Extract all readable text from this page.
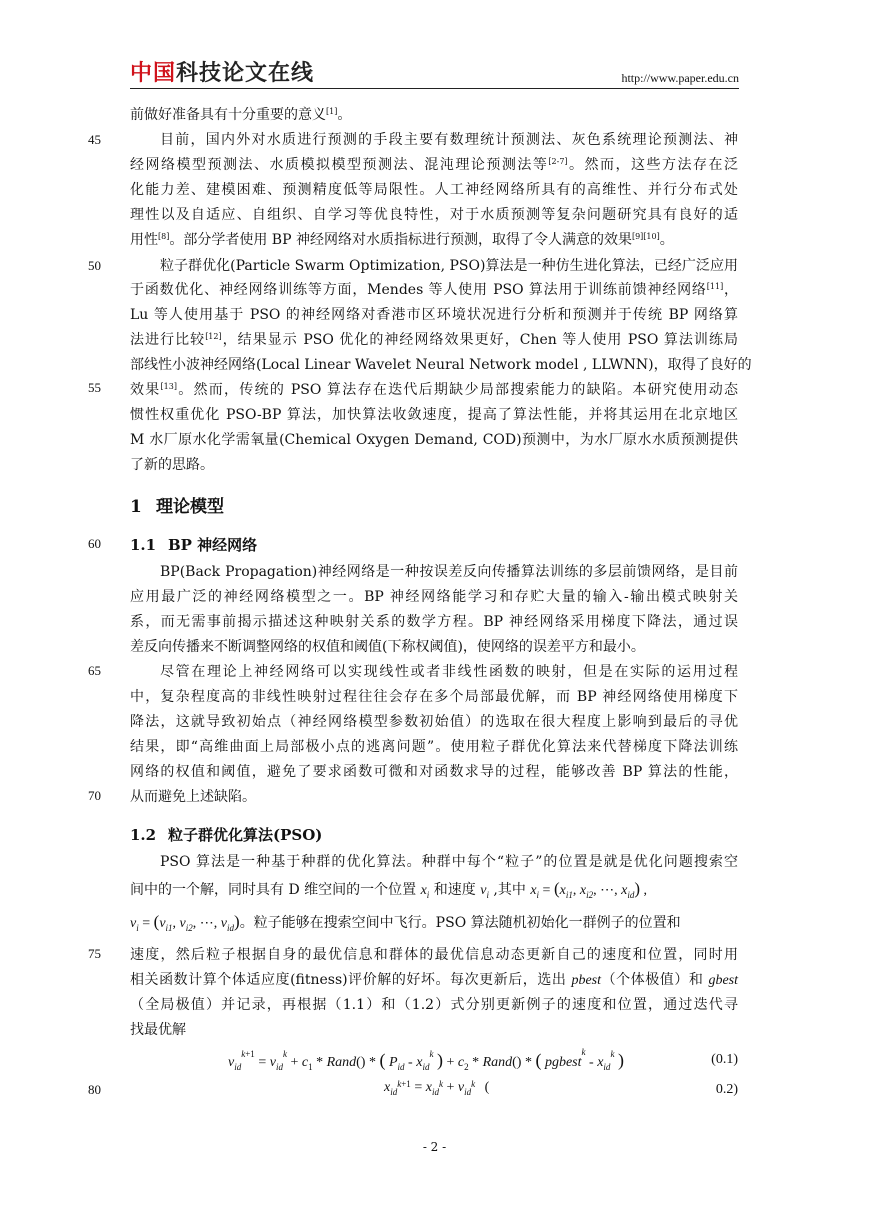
中国科技论文在线	http://www.paper.edu.cn
45
50
55
60
65
70
75
80
前做好准备具有十分重要的意义[1]。
目前，国内外对水质进行预测的手段主要有数理统计预测法、灰色系统理论预测法、神
经网络模型预测法、水质模拟模型预测法、混沌理论预测法等[2-7]。然而，这些方法存在泛
化能力差、建模困难、预测精度低等局限性。人工神经网络所具有的高维性、并行分布式处
理性以及自适应、自组织、自学习等优良特性，对于水质预测等复杂问题研究具有良好的适
用性[8]。部分学者使用 BP 神经网络对水质指标进行预测，取得了令人满意的效果[9][10]。
粒子群优化(Particle Swarm Optimization, PSO)算法是一种仿生进化算法，已经广泛应用
于函数优化、神经网络训练等方面，Mendes 等人使用 PSO 算法用于训练前馈神经网络[11]，
Lu 等人使用基于 PSO 的神经网络对香港市区环境状况进行分析和预测并于传统 BP 网络算
法进行比较[12]，结果显示 PSO 优化的神经网络效果更好，Chen 等人使用 PSO 算法训练局
部线性小波神经网络(Local Linear Wavelet Neural Network model , LLWNN)，取得了良好的
效果[13]。然而，传统的 PSO 算法存在迭代后期缺少局部搜索能力的缺陷。本研究使用动态
惯性权重优化 PSO-BP 算法，加快算法收敛速度，提高了算法性能，并将其运用在北京地区
M 水厂原水化学需氧量(Chemical Oxygen Demand, COD)预测中，为水厂原水水质预测提供
了新的思路。
1 理论模型
1.1 BP 神经网络
BP(Back Propagation)神经网络是一种按误差反向传播算法训练的多层前馈网络，是目前
应用最广泛的神经网络模型之一。BP 神经网络能学习和存贮大量的输入-输出模式映射关
系，而无需事前揭示描述这种映射关系的数学方程。BP 神经网络采用梯度下降法，通过误
差反向传播来不断调整网络的权值和阈值(下称权阈值)，使网络的误差平方和最小。
尽管在理论上神经网络可以实现线性或者非线性函数的映射，但是在实际的运用过程
中，复杂程度高的非线性映射过程往往会存在多个局部最优解，而 BP 神经网络使用梯度下
降法，这就导致初始点（神经网络模型参数初始值）的选取在很大程度上影响到最后的寻优
结果，即“高维曲面上局部极小点的逃离问题”。使用粒子群优化算法来代替梯度下降法训练
网络的权值和阈值，避免了要求函数可微和对函数求导的过程，能够改善 BP 算法的性能，
从而避免上述缺陷。
1.2 粒子群优化算法(PSO)
PSO 算法是一种基于种群的优化算法。种群中每个“粒子”的位置是就是优化问题搜索空
间中的一个解，同时具有 D 维空间的一个位置 $x_i$ 和速度 $v_i$ ,其中 $x_i = (x_{i1}$, $x_{i2}$, ⋯, $x_{id}$) ,
$v_i = (v_{i1}$, $v_{i2}$, ⋯, $v_{id}$)。粒子能够在搜索空间中飞行。PSO 算法随机初始化一群例子的位置和
速度，然后粒子根据自身的最优信息和群体的最优信息动态更新自己的速度和位置，同时用
相关函数计算个体适应度(fitness)评价解的好坏。每次更新后，选出 pbest（个体极值）和 gbest
（全局极值）并记录，再根据（1.1）和（1.2）式分别更新例子的速度和位置，通过迭代寻
找最优解
$v_{id}^{k+1} = v_{id}^k + c_1$ * Rand() * ( $P_{id} - x_{id}^k$ ) + $c_2$ * Rand() * ( pgbest$^k$ - $x_{id}^k$ )	(0.1)
$x_{id}^{k+1} = x_{id}^k + v_{id}^k$ (	0.2)
- 2 -
